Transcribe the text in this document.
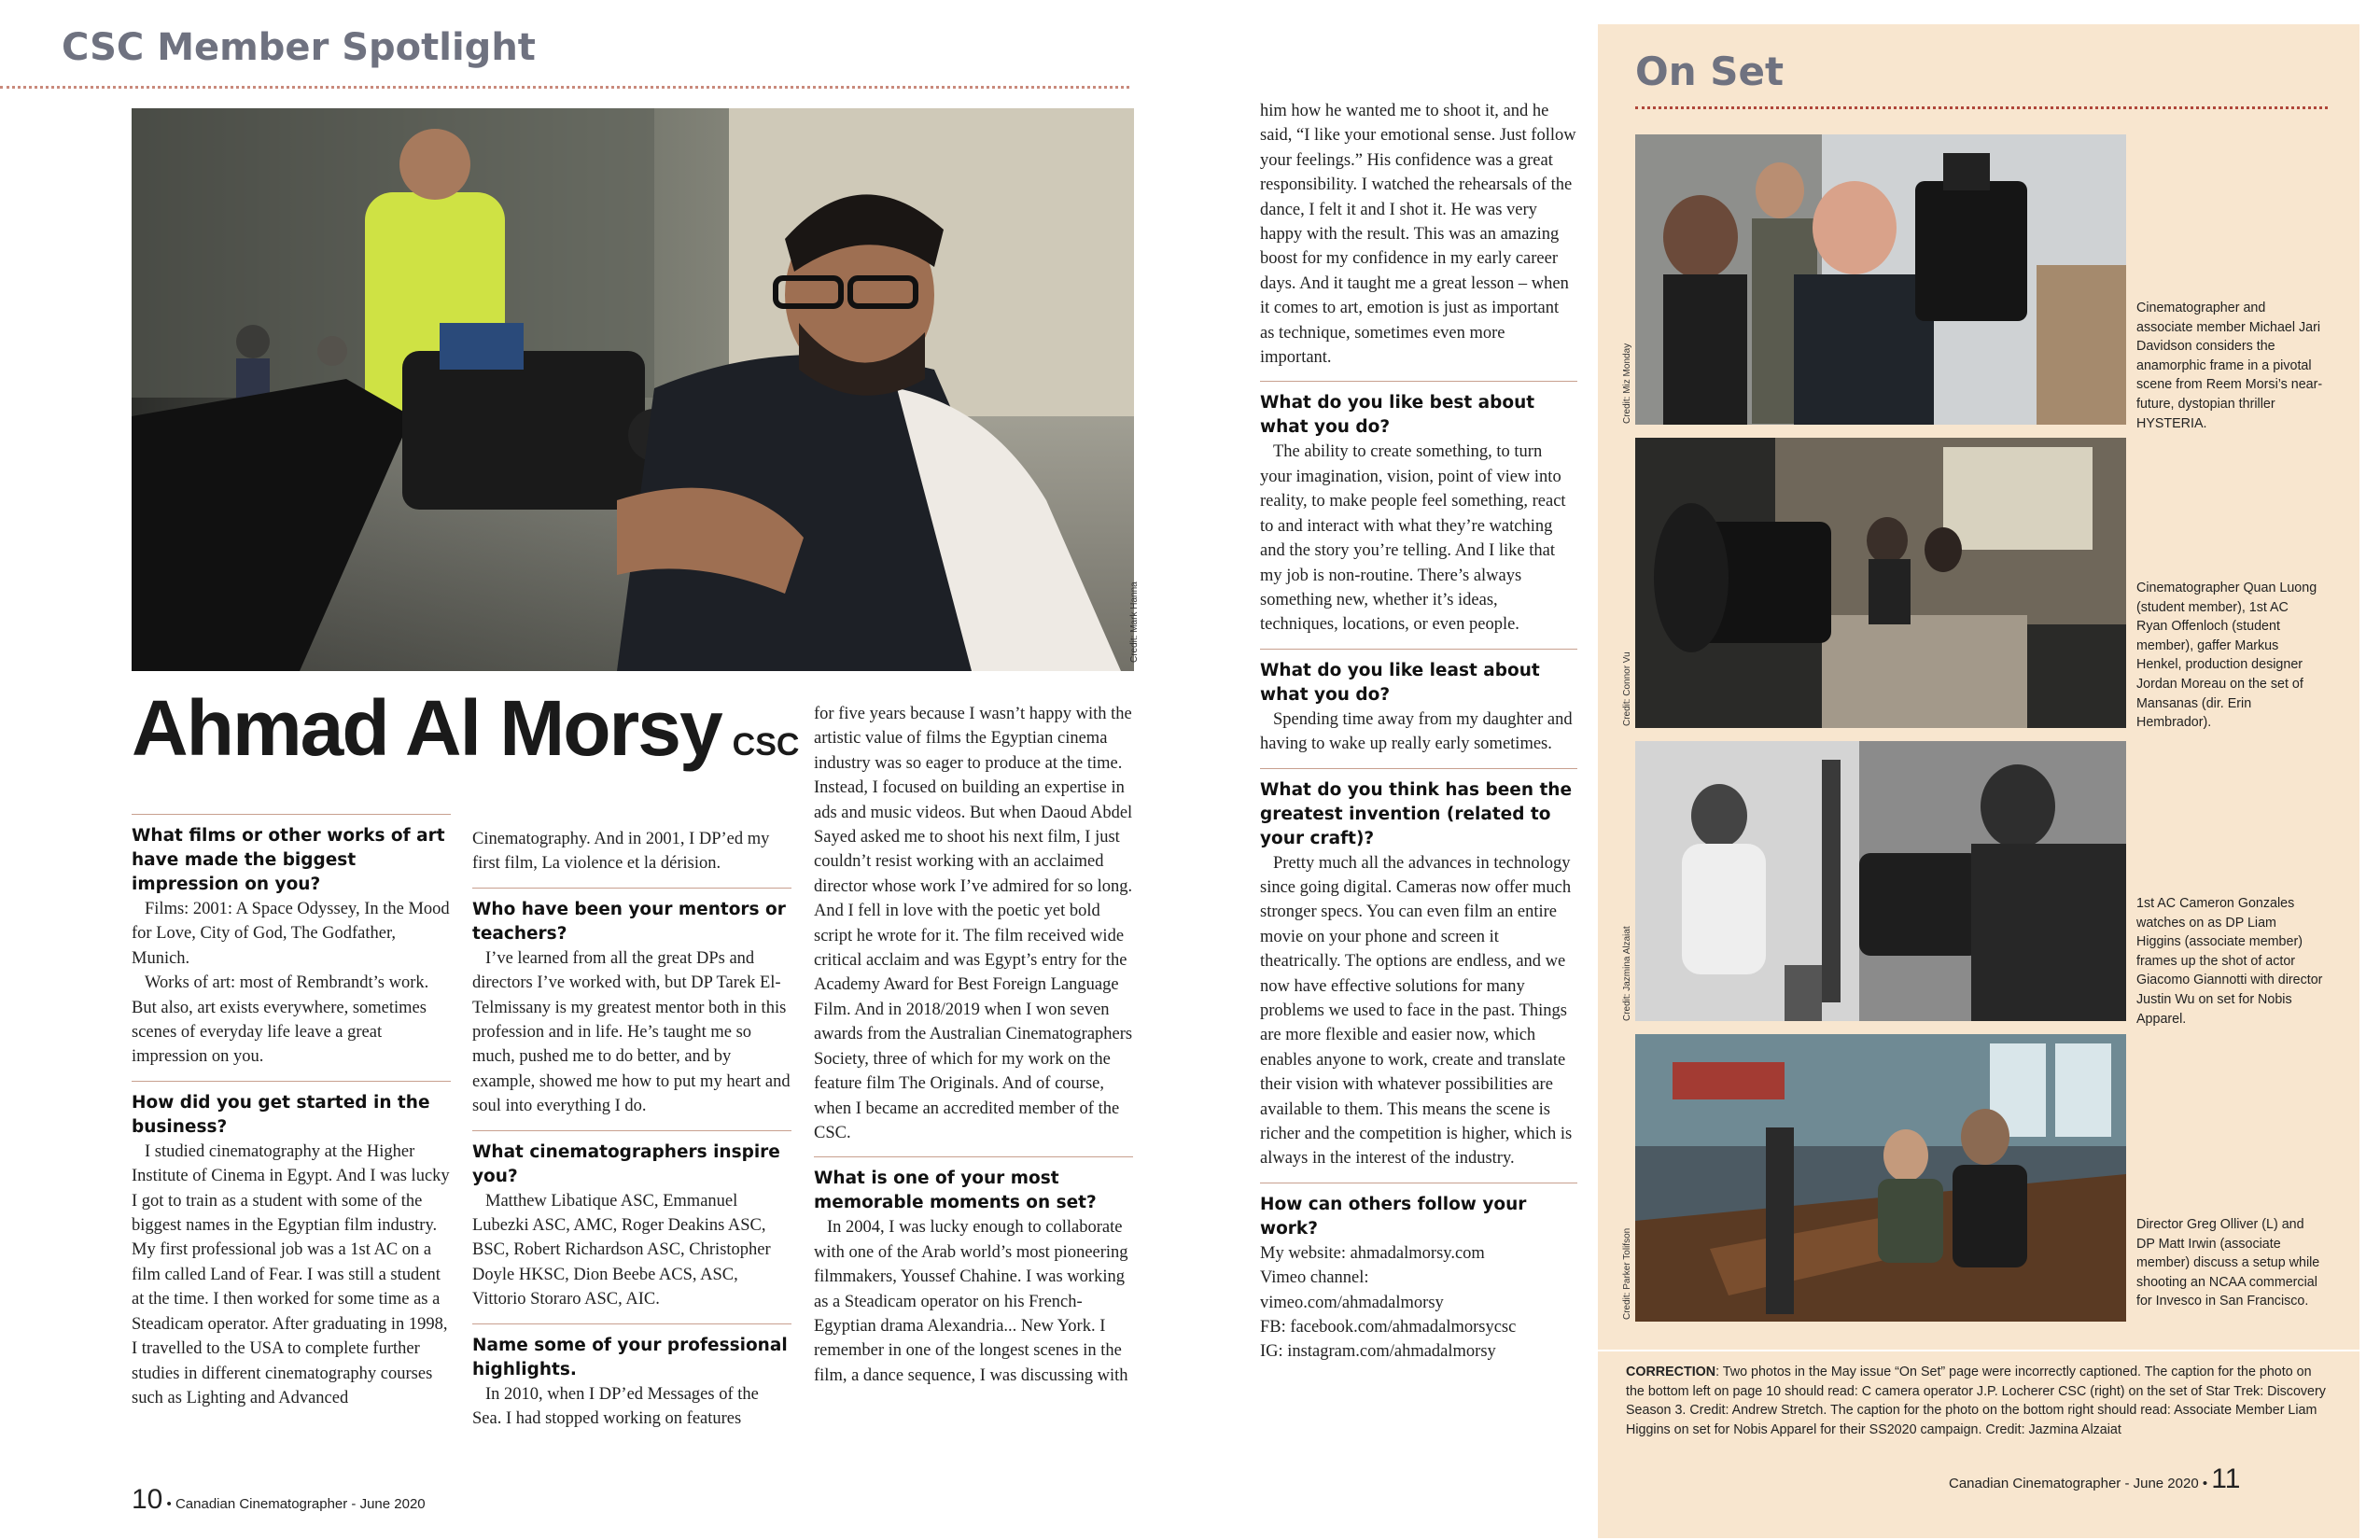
CSC Member Spotlight
Credit: Mark Hanna
Ahmad Al Morsy CSC

What films or other works of art have made the biggest impression on you?

Films: 2001: A Space Odyssey, In the Mood for Love, City of God, The Godfather, Munich.

Works of art: most of Rembrandt’s work. But also, art exists everywhere, sometimes scenes of everyday life leave a great impression on you.

How did you get started in the business?

I studied cinematography at the Higher Institute of Cinema in Egypt. And I was lucky I got to train as a student with some of the biggest names in the Egyptian film industry. My first professional job was a 1st AC on a film called Land of Fear. I was still a student at the time. I then worked for some time as a Steadicam operator. After graduating in 1998, I travelled to the USA to complete further studies in different cinematography courses such as Lighting and Advanced

Cinematography. And in 2001, I DP’ed my first film, La violence et la dérision.

Who have been your mentors or teachers?

I’ve learned from all the great DPs and directors I’ve worked with, but DP Tarek El-Telmissany is my greatest mentor both in this profession and in life. He’s taught me so much, pushed me to do better, and by example, showed me how to put my heart and soul into everything I do.

What cinematographers inspire you?

Matthew Libatique ASC, Emmanuel Lubezki ASC, AMC, Roger Deakins ASC, BSC, Robert Richardson ASC, Christopher Doyle HKSC, Dion Beebe ACS, ASC, Vittorio Storaro ASC, AIC.

Name some of your professional highlights.

In 2010, when I DP’ed Messages of the Sea. I had stopped working on features

for five years because I wasn’t happy with the artistic value of films the Egyptian cinema industry was so eager to produce at the time. Instead, I focused on building an expertise in ads and music videos. But when Daoud Abdel Sayed asked me to shoot his next film, I just couldn’t resist working with an acclaimed director whose work I’ve admired for so long. And I fell in love with the poetic yet bold script he wrote for it. The film received wide critical acclaim and was Egypt’s entry for the Academy Award for Best Foreign Language Film. And in 2018/2019 when I won seven awards from the Australian Cinematographers Society, three of which for my work on the feature film The Originals. And of course, when I became an accredited member of the CSC.

What is one of your most memorable moments on set?

In 2004, I was lucky enough to collaborate with one of the Arab world’s most pioneering filmmakers, Youssef Chahine. I was working as a Steadicam operator on his French-Egyptian drama Alexandria... New York. I remember in one of the longest scenes in the film, a dance sequence, I was discussing with

him how he wanted me to shoot it, and he said, “I like your emotional sense. Just follow your feelings.” His confidence was a great responsibility. I watched the rehearsals of the dance, I felt it and I shot it. He was very happy with the result. This was an amazing boost for my confidence in my early career days. And it taught me a great lesson – when it comes to art, emotion is just as important as technique, sometimes even more important.

What do you like best about what you do?

The ability to create something, to turn your imagination, vision, point of view into reality, to make people feel something, react to and interact with what they’re watching and the story you’re telling. And I like that my job is non-routine. There’s always something new, whether it’s ideas, techniques, locations, or even people.

What do you like least about what you do?

Spending time away from my daughter and having to wake up really early sometimes.

What do you think has been the greatest invention (related to your craft)?

Pretty much all the advances in technology since going digital. Cameras now offer much stronger specs. You can even film an entire movie on your phone and screen it theatrically. The options are endless, and we now have effective solutions for many problems we used to face in the past. Things are more flexible and easier now, which enables anyone to work, create and translate their vision with whatever possibilities are available to them. This means the scene is richer and the competition is higher, which is always in the interest of the industry.

How can others follow your work?

My website: ahmadalmorsy.com

Vimeo channel:

vimeo.com/ahmadalmorsy

FB: facebook.com/ahmadalmorsycsc

IG: instagram.com/ahmadalmorsy

10 • Canadian Cinematographer - June 2020
On Set
Credit: Miz Monday
Cinematographer and associate member Michael Jari Davidson considers the anamorphic frame in a pivotal scene from Reem Morsi’s near-future, dystopian thriller HYSTERIA.
Credit: Connor Vu
Cinematographer Quan Luong (student member), 1st AC Ryan Offenloch (student member), gaffer Markus Henkel, production designer Jordan Moreau on the set of Mansanas (dir. Erin Hembrador).
Credit: Jazmina Alzaiat
1st AC Cameron Gonzales watches on as DP Liam Higgins (associate member) frames up the shot of actor Giacomo Giannotti with director Justin Wu on set for Nobis Apparel.
Credit: Parker Tolifson
Director Greg Olliver (L) and DP Matt Irwin (associate member) discuss a setup while shooting an NCAA commercial for Invesco in San Francisco.
CORRECTION: Two photos in the May issue “On Set” page were incorrectly captioned. The caption for the photo on the bottom left on page 10 should read: C camera operator J.P. Locherer CSC (right) on the set of Star Trek: Discovery Season 3. Credit: Andrew Stretch. The caption for the photo on the bottom right should read: Associate Member Liam Higgins on set for Nobis Apparel for their SS2020 campaign. Credit: Jazmina Alzaiat
Canadian Cinematographer - June 2020 • 11
